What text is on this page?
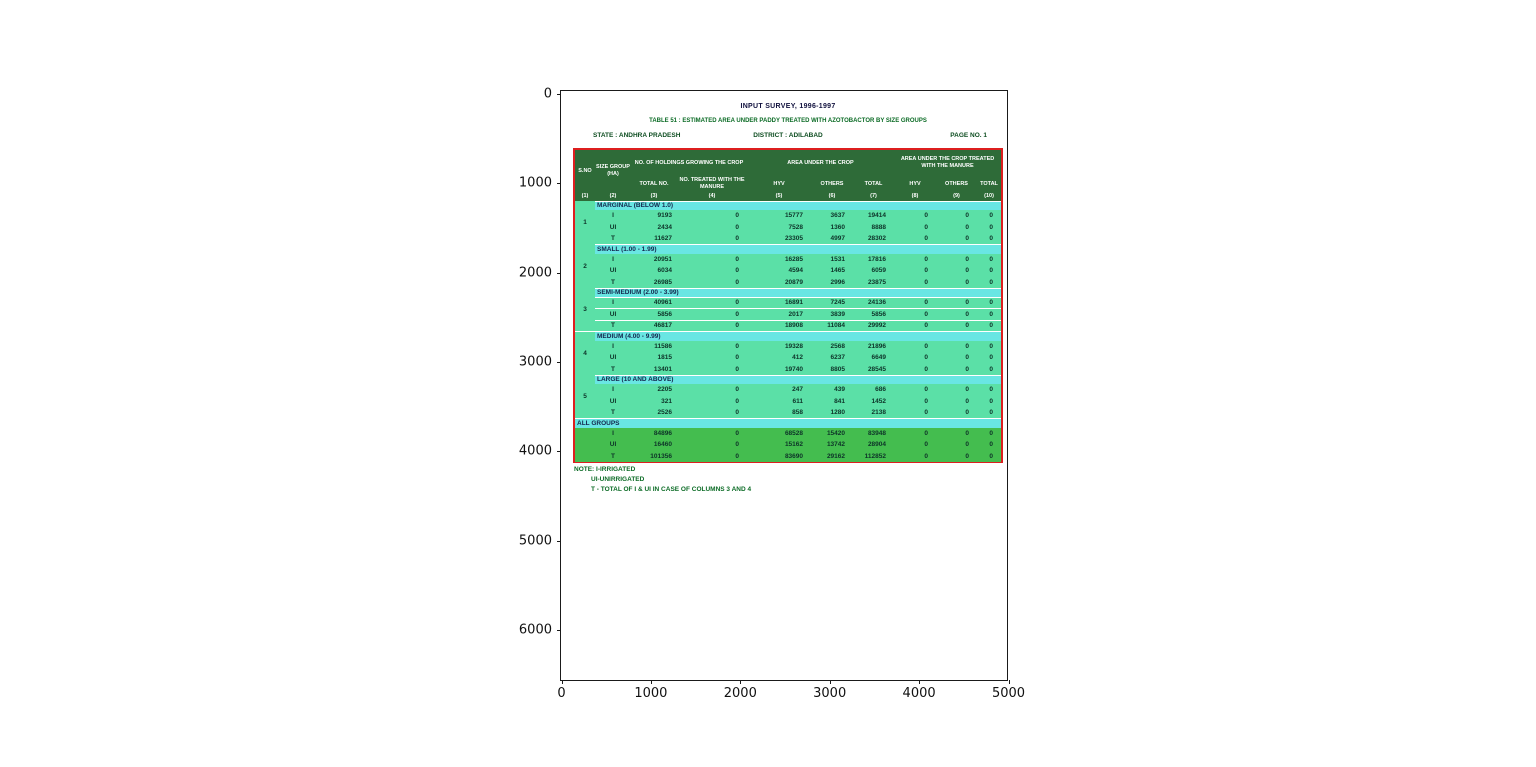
INPUT SURVEY, 1996-1997
TABLE 51 : ESTIMATED AREA UNDER PADDY TREATED WITH AZOTOBACTOR BY SIZE GROUPS
STATE : ANDHRA PRADESH	DISTRICT : ADILABAD	PAGE NO. 1
S.NO	SIZE GROUP (HA)	NO. OF HOLDINGS GROWING THE CROP		AREA UNDER THE CROP			AREA UNDER THE CROP TREATED WITH THE MANURE		
		TOTAL NO.	NO. TREATED WITH THE MANURE	HYV	OTHERS	TOTAL	HYV	OTHERS	TOTAL
(1)	(2)	(3)	(4)	(5)	(6)	(7)	(8)	(9)	(10)
1	MARGINAL (BELOW 1.0)								
	I	9193	0	15777	3637	19414	0	0	0
	UI	2434	0	7528	1360	8888	0	0	0
	T	11627	0	23305	4997	28302	0	0	0
2	SMALL (1.00 - 1.99)								
	I	20951	0	16285	1531	17816	0	0	0
	UI	6034	0	4594	1465	6059	0	0	0
	T	26985	0	20879	2996	23875	0	0	0
3	SEMI-MEDIUM (2.00 - 3.99)								
	I	40961	0	16891	7245	24136	0	0	0
	UI	5856	0	2017	3839	5856	0	0	0
	T	46817	0	18908	11084	29992	0	0	0
4	MEDIUM (4.00 - 9.99)								
	I	11586	0	19328	2568	21896	0	0	0
	UI	1815	0	412	6237	6649	0	0	0
	T	13401	0	19740	8805	28545	0	0	0
5	LARGE (10 AND ABOVE)								
	I	2205	0	247	439	686	0	0	0
	UI	321	0	611	841	1452	0	0	0
	T	2526	0	858	1280	2138	0	0	0
ALL GROUPS									
	I	84896	0	68528	15420	83948	0	0	0
	UI	16460	0	15162	13742	28904	0	0	0
	T	101356	0	83690	29162	112852	0	0	0
NOTE: I-IRRIGATED
UI-UNIRRIGATED
T - TOTAL OF I & UI IN CASE OF COLUMNS 3 AND 4
0	1000	2000	3000	4000	5000
0
1000
2000
3000
4000
5000
6000
